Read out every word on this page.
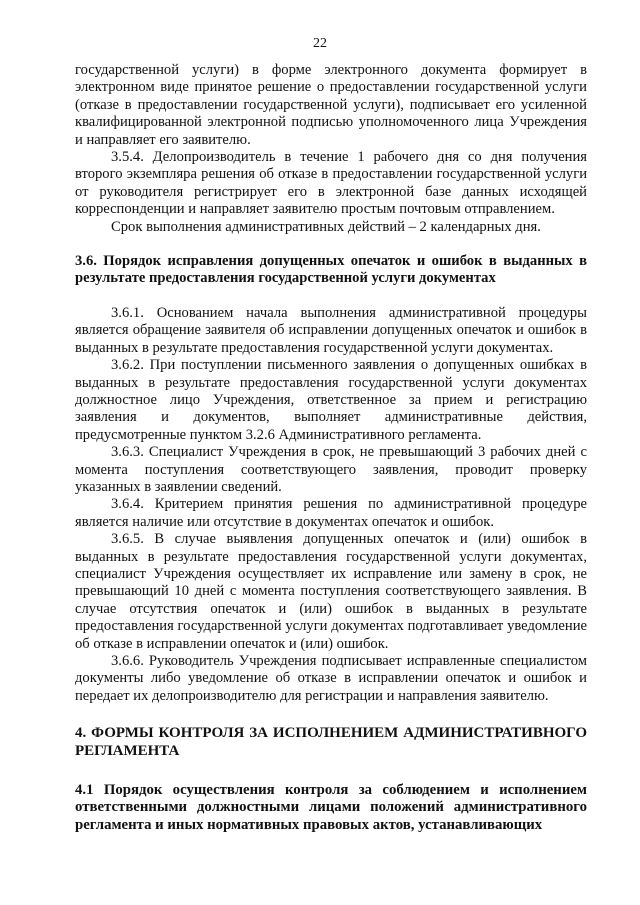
22

государственной услуги) в форме электронного документа формирует в электронном виде принятое решение о предоставлении государственной услуги (отказе в предоставлении государственной услуги), подписывает его усиленной квалифицированной электронной подписью уполномоченного лица Учреждения и направляет его заявителю.

3.5.4. Делопроизводитель в течение 1 рабочего дня со дня получения второго экземпляра решения об отказе в предоставлении государственной услуги от руководителя регистрирует его в электронной базе данных исходящей корреспонденции и направляет заявителю простым почтовым отправлением.

Срок выполнения административных действий – 2 календарных дня.

3.6. Порядок исправления допущенных опечаток и ошибок в выданных в результате предоставления государственной услуги документах

3.6.1. Основанием начала выполнения административной процедуры является обращение заявителя об исправлении допущенных опечаток и ошибок в выданных в результате предоставления государственной услуги документах.

3.6.2. При поступлении письменного заявления о допущенных ошибках в выданных в результате предоставления государственной услуги документах должностное лицо Учреждения, ответственное за прием и регистрацию заявления и документов, выполняет административные действия, предусмотренные пунктом 3.2.6 Административного регламента.

3.6.3. Специалист Учреждения в срок, не превышающий 3 рабочих дней с момента поступления соответствующего заявления, проводит проверку указанных в заявлении сведений.

3.6.4. Критерием принятия решения по административной процедуре является наличие или отсутствие в документах опечаток и ошибок.

3.6.5. В случае выявления допущенных опечаток и (или) ошибок в выданных в результате предоставления государственной услуги документах, специалист Учреждения осуществляет их исправление или замену в срок, не превышающий 10 дней с момента поступления соответствующего заявления. В случае отсутствия опечаток и (или) ошибок в выданных в результате предоставления государственной услуги документах подготавливает уведомление об отказе в исправлении опечаток и (или) ошибок.

3.6.6. Руководитель Учреждения подписывает исправленные специалистом документы либо уведомление об отказе в исправлении опечаток и ошибок и передает их делопроизводителю для регистрации и направления заявителю.

4. ФОРМЫ КОНТРОЛЯ ЗА ИСПОЛНЕНИЕМ АДМИНИСТРАТИВНОГО РЕГЛАМЕНТА

4.1 Порядок осуществления контроля за соблюдением и исполнением ответственными должностными лицами положений административного регламента и иных нормативных правовых актов, устанавливающих
